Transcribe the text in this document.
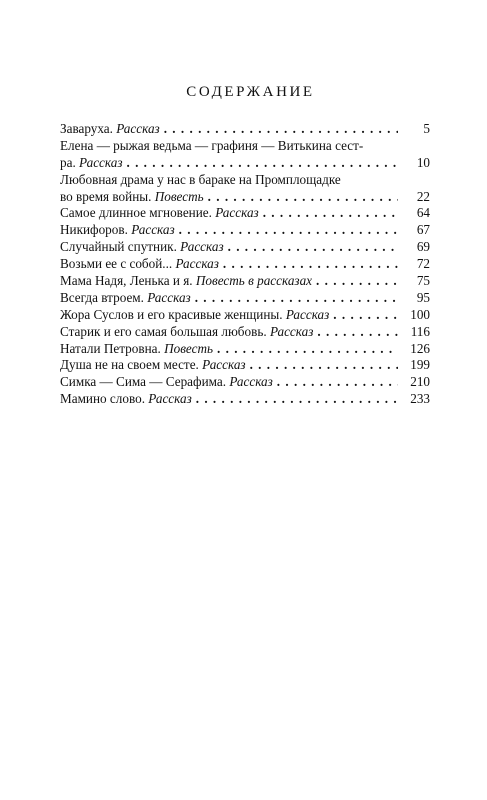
СОДЕРЖАНИЕ
Заваруха. Рассказ . . .	5
Елена — рыжая ведьма — графиня — Витькина сест-
ра. Рассказ . . .	10
Любовная драма у нас в бараке на Промплощадке
во время войны. Повесть . . .	22
Самое длинное мгновение. Рассказ . . .	64
Никифоров. Рассказ . . .	67
Случайный спутник. Рассказ . . .	69
Возьми ее с собой... Рассказ . . .	72
Мама Надя, Ленька и я. Повесть в рассказах . . .	75
Всегда втроем. Рассказ . . .	95
Жора Суслов и его красивые женщины. Рассказ . . .	100
Старик и его самая большая любовь. Рассказ . . .	116
Натали Петровна. Повесть . . .	126
Душа не на своем месте. Рассказ . . .	199
Симка — Сима — Серафима. Рассказ . . .	210
Мамино слово. Рассказ . . .	233
